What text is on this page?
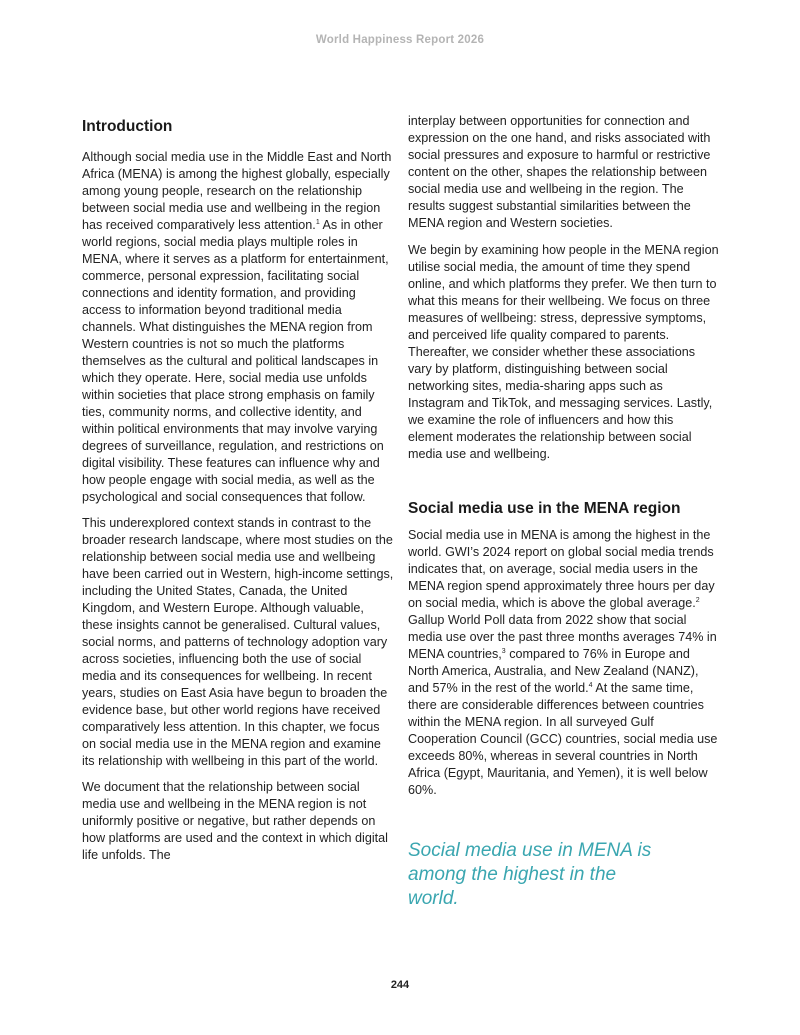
World Happiness Report 2026
Introduction

Although social media use in the Middle East and North Africa (MENA) is among the highest globally, especially among young people, research on the relationship between social media use and wellbeing in the region has received comparatively less attention.$^1$ As in other world regions, social media plays multiple roles in MENA, where it serves as a platform for entertainment, commerce, personal expression, facilitating social connections and identity formation, and providing access to information beyond traditional media channels. What distinguishes the MENA region from Western countries is not so much the platforms themselves as the cultural and political landscapes in which they operate. Here, social media use unfolds within societies that place strong emphasis on family ties, community norms, and collective identity, and within political environments that may involve varying degrees of surveillance, regulation, and restrictions on digital visibility. These features can influence why and how people engage with social media, as well as the psychological and social consequences that follow.

This underexplored context stands in contrast to the broader research landscape, where most studies on the relationship between social media use and wellbeing have been carried out in Western, high-income settings, including the United States, Canada, the United Kingdom, and Western Europe. Although valuable, these insights cannot be generalised. Cultural values, social norms, and patterns of technology adoption vary across societies, influencing both the use of social media and its consequences for wellbeing. In recent years, studies on East Asia have begun to broaden the evidence base, but other world regions have received comparatively less attention. In this chapter, we focus on social media use in the MENA region and examine its relationship with wellbeing in this part of the world.

We document that the relationship between social media use and wellbeing in the MENA region is not uniformly positive or negative, but rather depends on how platforms are used and the context in which digital life unfolds. The

interplay between opportunities for connection and expression on the one hand, and risks associated with social pressures and exposure to harmful or restrictive content on the other, shapes the relationship between social media use and wellbeing in the region. The results suggest substantial similarities between the MENA region and Western societies.

We begin by examining how people in the MENA region utilise social media, the amount of time they spend online, and which platforms they prefer. We then turn to what this means for their wellbeing. We focus on three measures of wellbeing: stress, depressive symptoms, and perceived life quality compared to parents. Thereafter, we consider whether these associations vary by platform, distinguishing between social networking sites, media-sharing apps such as Instagram and TikTok, and messaging services. Lastly, we examine the role of influencers and how this element moderates the relationship between social media use and wellbeing.

Social media use in the MENA region

Social media use in MENA is among the highest in the world. GWI’s 2024 report on global social media trends indicates that, on average, social media users in the MENA region spend approximately three hours per day on social media, which is above the global average.$^2$ Gallup World Poll data from 2022 show that social media use over the past three months averages 74% in MENA countries,$^3$ compared to 76% in Europe and North America, Australia, and New Zealand (NANZ), and 57% in the rest of the world.$^4$ At the same time, there are considerable differences between countries within the MENA region. In all surveyed Gulf Cooperation Council (GCC) countries, social media use exceeds 80%, whereas in several countries in North Africa (Egypt, Mauritania, and Yemen), it is well below 60%.

Social media use in MENA is among the highest in the world.
244
